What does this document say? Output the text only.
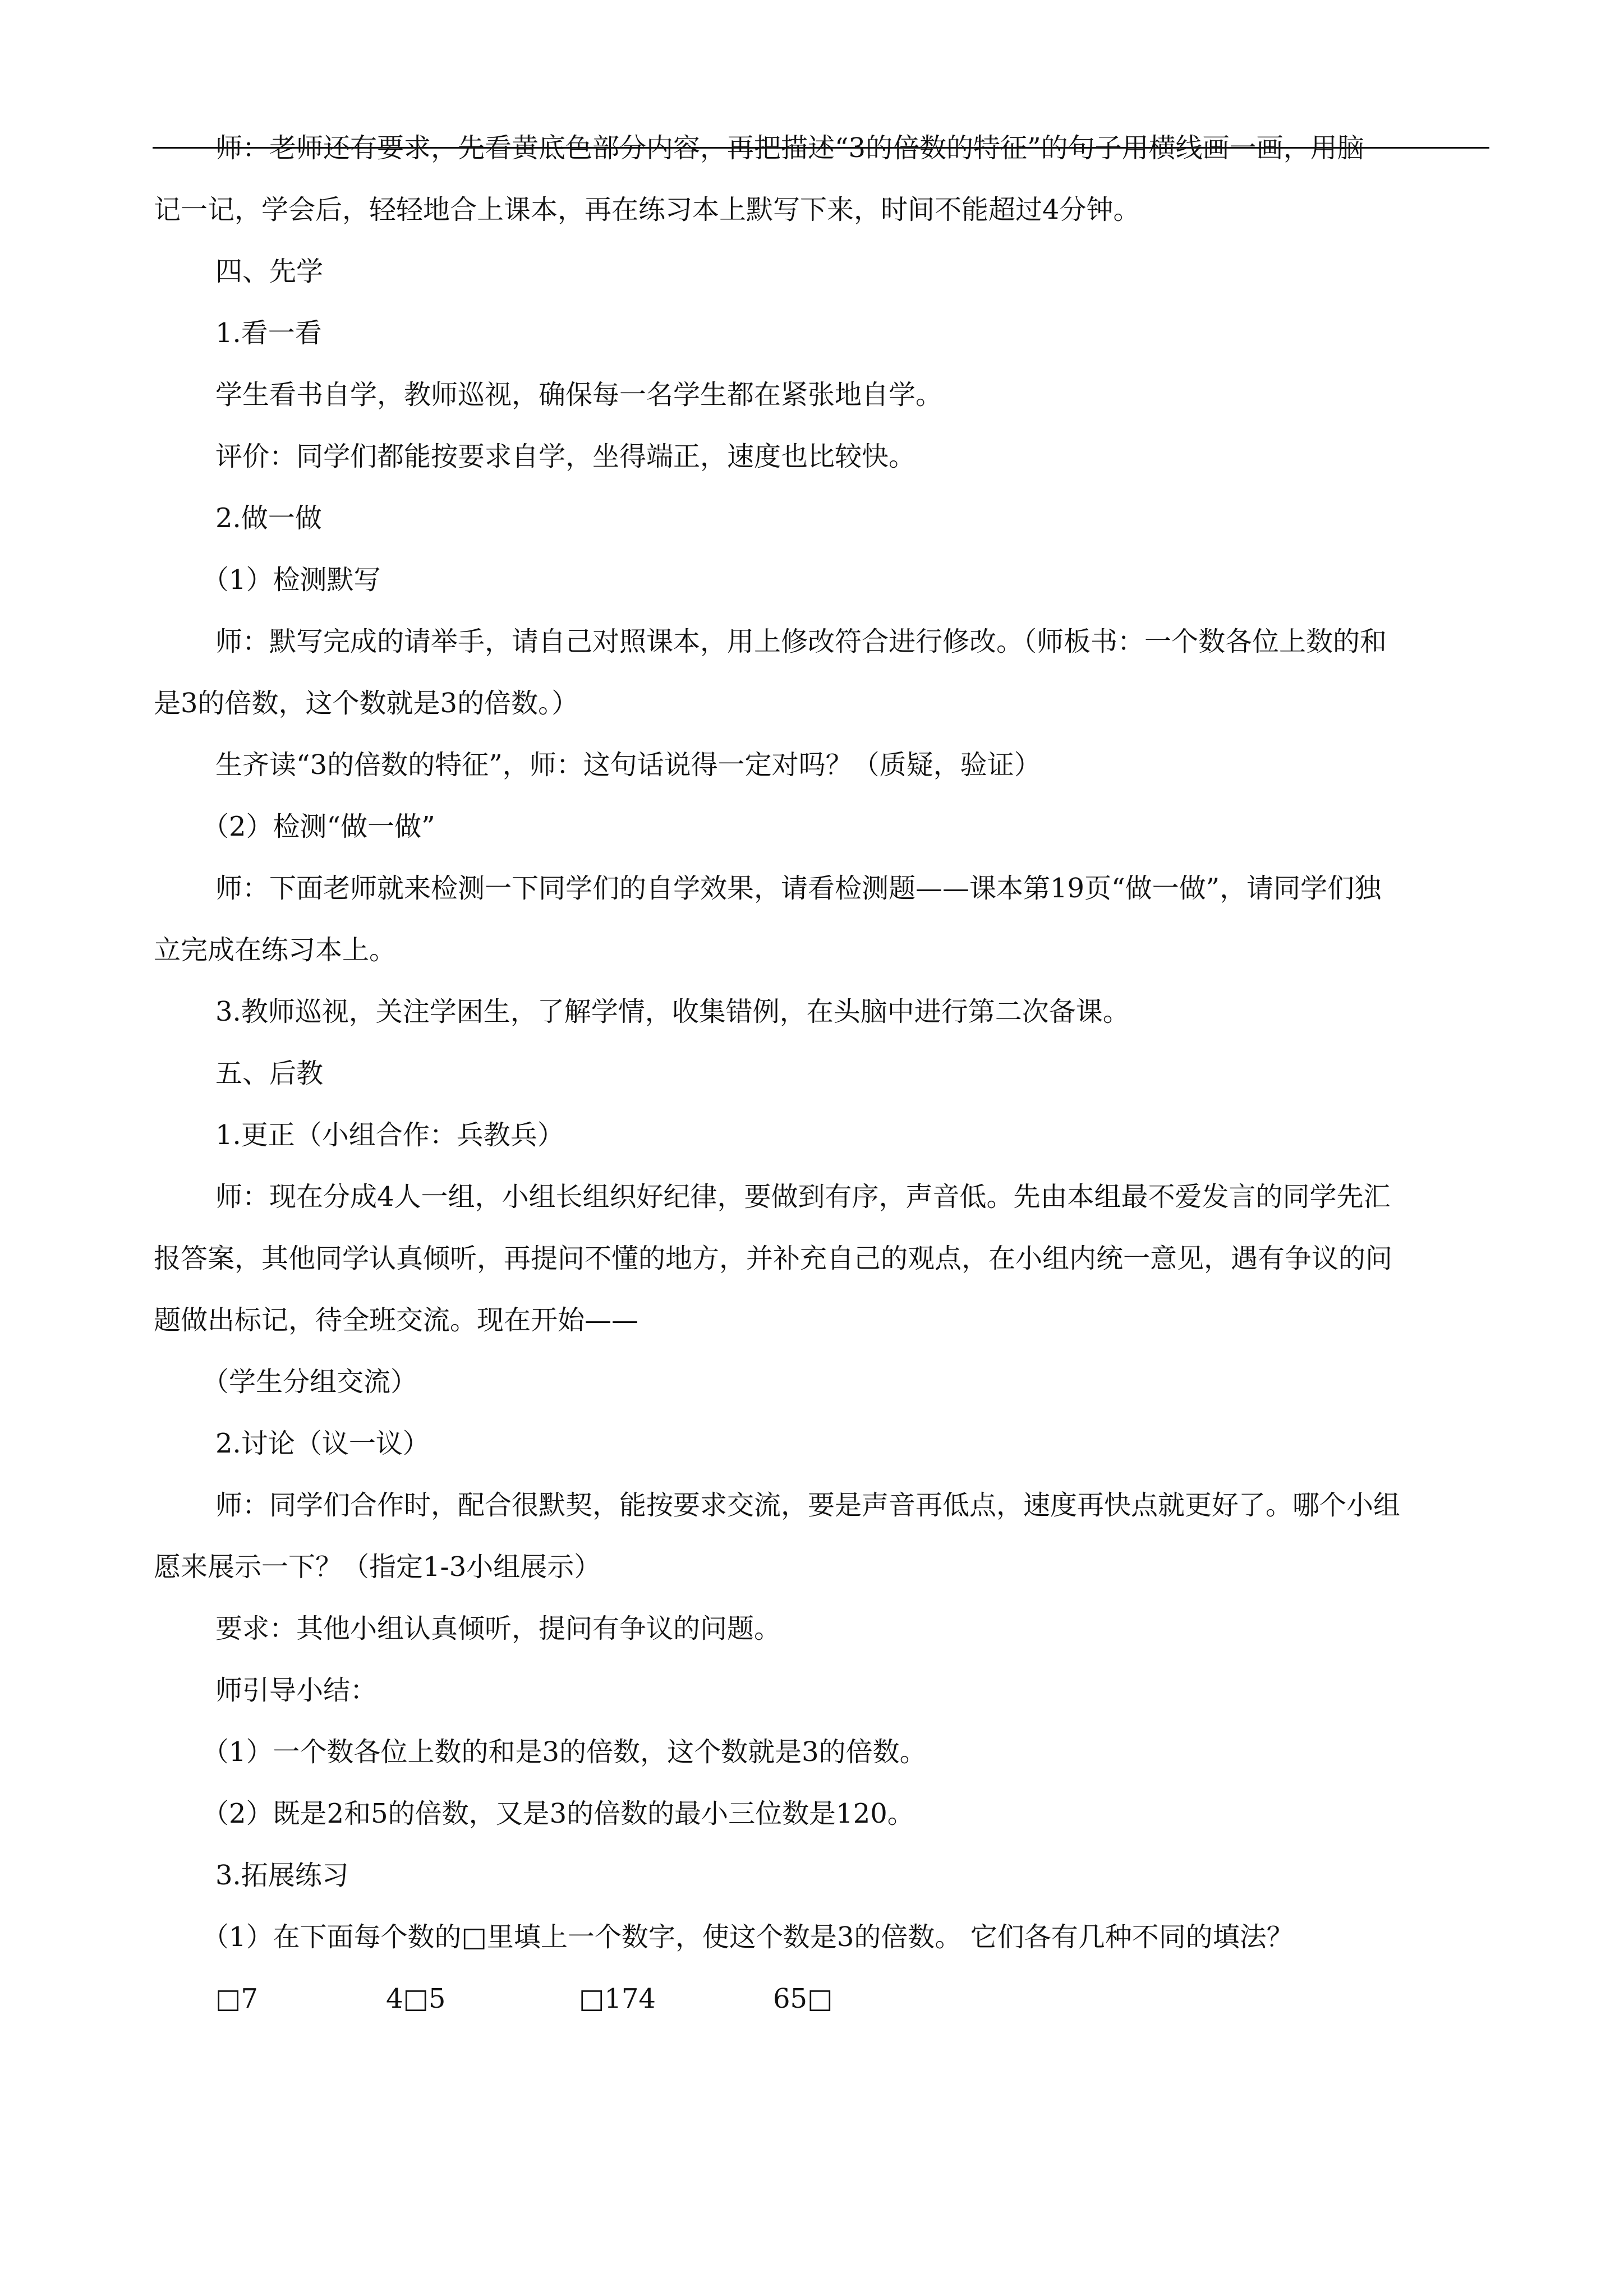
师：老师还有要求，先看黄底色部分内容，再把描述“3的倍数的特征”的句子用横线画一画，用脑
记一记，学会后，轻轻地合上课本，再在练习本上默写下来，时间不能超过4分钟。
四、先学
1.看一看
学生看书自学，教师巡视，确保每一名学生都在紧张地自学。
评价：同学们都能按要求自学，坐得端正，速度也比较快。
2.做一做
（1）检测默写
师：默写完成的请举手，请自己对照课本，用上修改符合进行修改。（师板书：一个数各位上数的和
是3的倍数，这个数就是3的倍数。）
生齐读“3的倍数的特征”，师：这句话说得一定对吗？（质疑，验证）
（2）检测“做一做”
师：下面老师就来检测一下同学们的自学效果，请看检测题——课本第19页“做一做”，请同学们独
立完成在练习本上。
3.教师巡视，关注学困生，了解学情，收集错例，在头脑中进行第二次备课。
五、后教
1.更正（小组合作：兵教兵）
师：现在分成4人一组，小组长组织好纪律，要做到有序，声音低。先由本组最不爱发言的同学先汇
报答案，其他同学认真倾听，再提问不懂的地方，并补充自己的观点，在小组内统一意见，遇有争议的问
题做出标记，待全班交流。现在开始——
（学生分组交流）
2.讨论（议一议）
师：同学们合作时，配合很默契，能按要求交流，要是声音再低点，速度再快点就更好了。哪个小组
愿来展示一下？（指定1-3小组展示）
要求：其他小组认真倾听，提问有争议的问题。
师引导小结：
（1）一个数各位上数的和是3的倍数，这个数就是3的倍数。
（2）既是2和5的倍数，又是3的倍数的最小三位数是120。
3.拓展练习
（1）在下面每个数的□里填上一个数字，使这个数是3的倍数。 它们各有几种不同的填法？
□7	4□5	□174	65□
